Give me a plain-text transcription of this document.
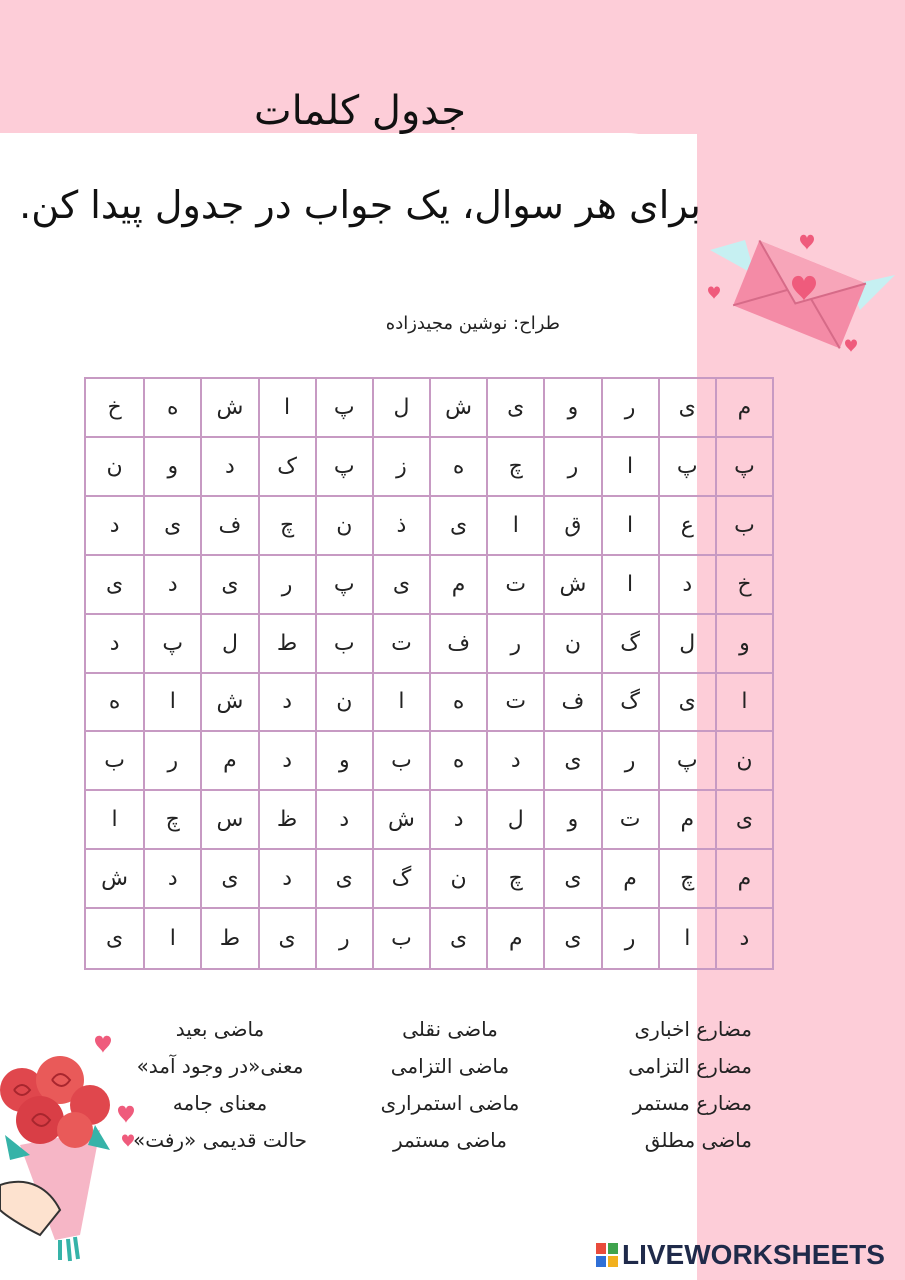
جدول کلمات
برای هر سوال، یک جواب در جدول پیدا کن.
طراح: نوشین مجیدزاده
م
ی
ر
و
ی
ش
ل
پ
ا
ش
ه
خ
پ
پ
ا
ر
چ
ه
ز
پ
ک
د
و
ن
ب
ع
ا
ق
ا
ی
ذ
ن
چ
ف
ی
د
خ
د
ا
ش
ت
م
ی
پ
ر
ی
د
ی
و
ل
گ
ن
ر
ف
ت
ب
ط
ل
پ
د
ا
ی
گ
ف
ت
ه
ا
ن
د
ش
ا
ه
ن
پ
ر
ی
د
ه
ب
و
د
م
ر
ب
ی
م
ت
و
ل
د
ش
د
ظ
س
چ
ا
م
چ
م
ی
چ
ن
گ
ی
د
ی
د
ش
د
ا
ر
ی
م
ی
ب
ر
ی
ط
ا
ی
مضارع اخباری
مضارع التزامی
مضارع مستمر
ماضی مطلق
ماضی نقلی
ماضی التزامی
ماضی استمراری
ماضی مستمر
ماضی بعید
معنی«در وجود آمد»
معنای جامه
حالت قدیمی «رفت»
LIVEWORKSHEETS
